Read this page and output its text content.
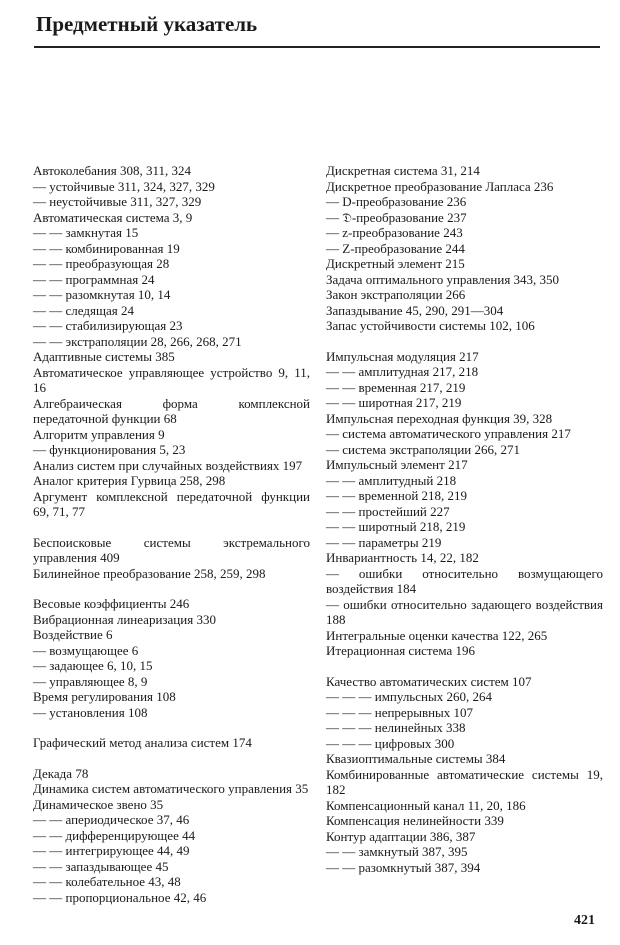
Предметный указатель
Автоколебания 308, 311, 324
— устойчивые 311, 324, 327, 329
— неустойчивые 311, 327, 329
Автоматическая система 3, 9
— — замкнутая 15
— — комбинированная 19
— — преобразующая 28
— — программная 24
— — разомкнутая 10, 14
— — следящая 24
— — стабилизирующая 23
— — экстраполяции 28, 266, 268, 271
Адаптивные системы 385
Автоматическое управляющее устройство 9, 11, 16
Алгебраическая форма комплексной передаточной функции 68
Алгоритм управления 9
— функционирования 5, 23
Анализ систем при случайных воздействиях 197
Аналог критерия Гурвица 258, 298
Аргумент комплексной передаточной функции 69, 71, 77
Беспоисковые системы экстремального управления 409
Билинейное преобразование 258, 259, 298
Весовые коэффициенты 246
Вибрационная линеаризация 330
Воздействие 6
— возмущающее 6
— задающее 6, 10, 15
— управляющее 8, 9
Время регулирования 108
— установления 108
Графический метод анализа систем 174
Декада 78
Динамика систем автоматического управления 35
Динамическое звено 35
— — апериодическое 37, 46
— — дифференцирующее 44
— — интегрирующее 44, 49
— — запаздывающее 45
— — колебательное 43, 48
— — пропорциональное 42, 46
Дискретная система 31, 214
Дискретное преобразование Лапласа 236
— D-преобразование 236
— 𝔇-преобразование 237
— z-преобразование 243
— Z-преобразование 244
Дискретный элемент 215
Задача оптимального управления 343, 350
Закон экстраполяции 266
Запаздывание 45, 290, 291—304
Запас устойчивости системы 102, 106
Импульсная модуляция 217
— — амплитудная 217, 218
— — временная 217, 219
— — широтная 217, 219
Импульсная переходная функция 39, 328
— система автоматического управления 217
— система экстраполяции 266, 271
Импульсный элемент 217
— — амплитудный 218
— — временной 218, 219
— — простейший 227
— — широтный 218, 219
— — параметры 219
Инвариантность 14, 22, 182
— ошибки относительно возмущающего воздействия 184
— ошибки относительно задающего воздействия 188
Интегральные оценки качества 122, 265
Итерационная система 196
Качество автоматических систем 107
— — — импульсных 260, 264
— — — непрерывных 107
— — — нелинейных 338
— — — цифровых 300
Квазиоптимальные системы 384
Комбинированные автоматические системы 19, 182
Компенсационный канал 11, 20, 186
Компенсация нелинейности 339
Контур адаптации 386, 387
— — замкнутый 387, 395
— — разомкнутый 387, 394
421
